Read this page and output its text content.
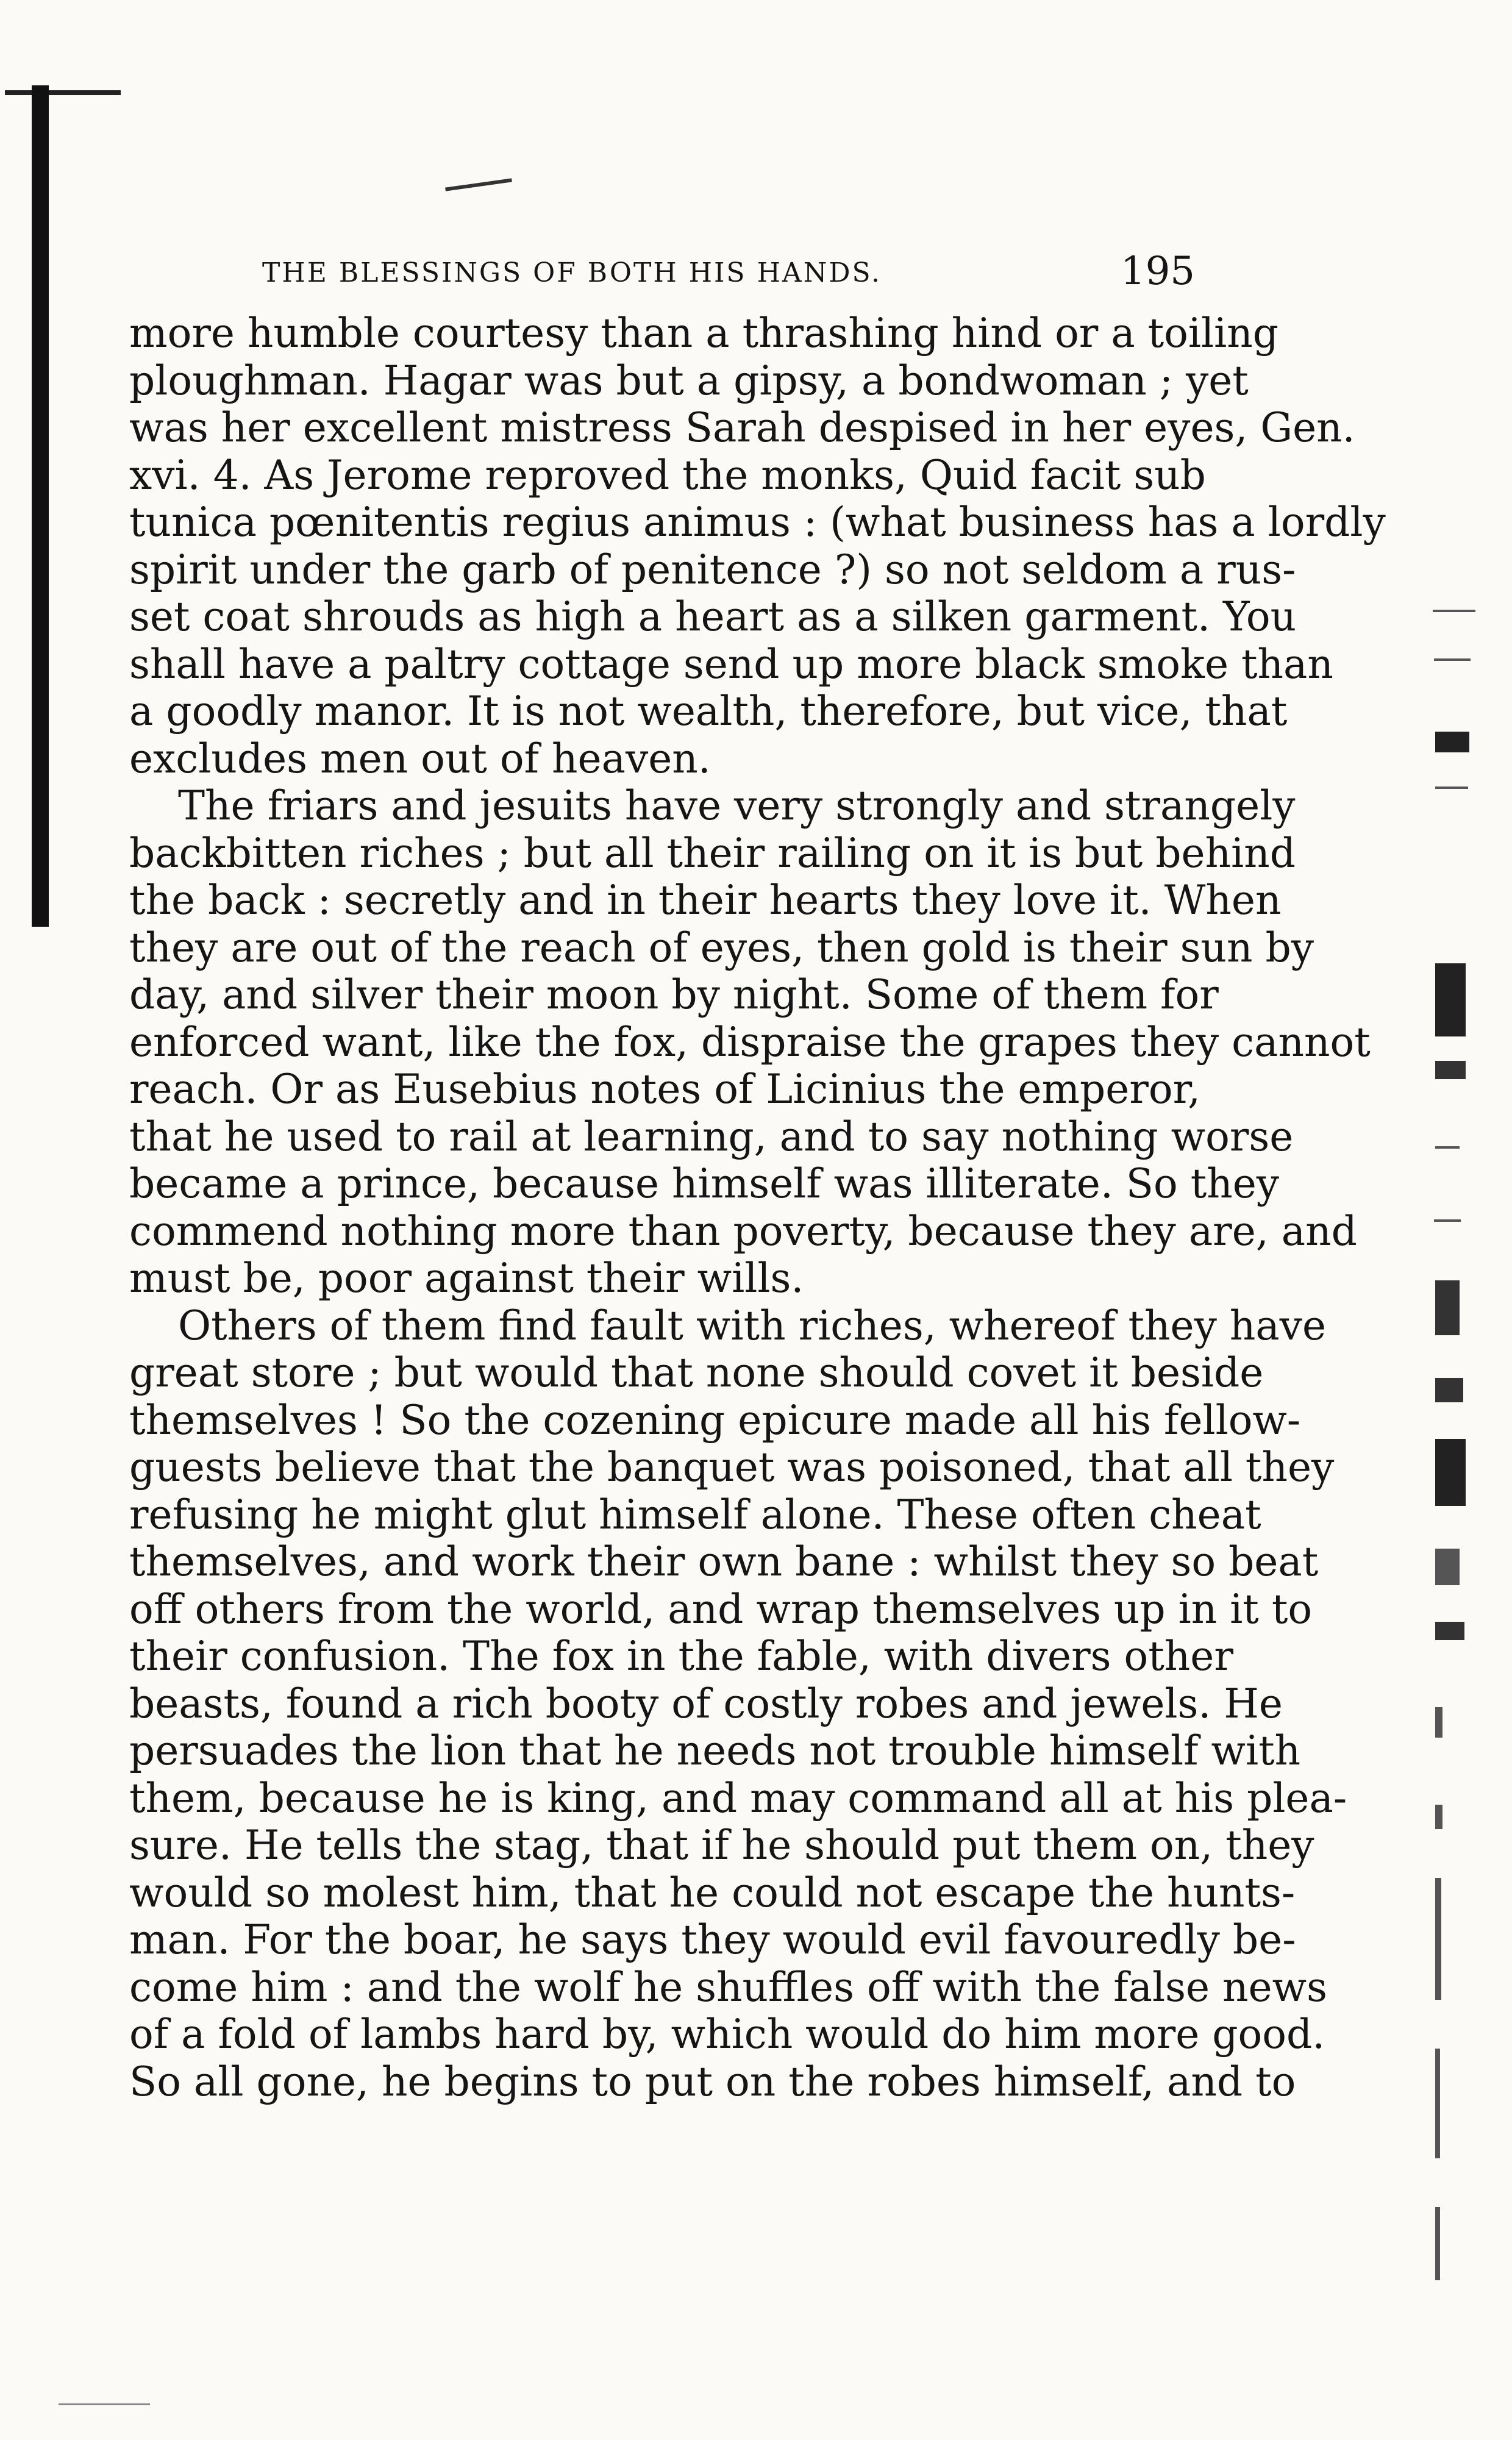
THE BLESSINGS OF BOTH HIS HANDS.	195
more humble courtesy than a thrashing hind or a toiling
ploughman. Hagar was but a gipsy, a bondwoman ; yet
was her excellent mistress Sarah despised in her eyes, Gen.
xvi. 4. As Jerome reproved the monks, Quid facit sub
tunica pœnitentis regius animus : (what business has a lordly
spirit under the garb of penitence ?) so not seldom a rus-
set coat shrouds as high a heart as a silken garment. You
shall have a paltry cottage send up more black smoke than
a goodly manor. It is not wealth, therefore, but vice, that
excludes men out of heaven.
The friars and jesuits have very strongly and strangely
backbitten riches ; but all their railing on it is but behind
the back : secretly and in their hearts they love it. When
they are out of the reach of eyes, then gold is their sun by
day, and silver their moon by night. Some of them for
enforced want, like the fox, dispraise the grapes they cannot
reach. Or as Eusebius notes of Licinius the emperor,
that he used to rail at learning, and to say nothing worse
became a prince, because himself was illiterate. So they
commend nothing more than poverty, because they are, and
must be, poor against their wills.
Others of them find fault with riches, whereof they have
great store ; but would that none should covet it beside
themselves ! So the cozening epicure made all his fellow-
guests believe that the banquet was poisoned, that all they
refusing he might glut himself alone. These often cheat
themselves, and work their own bane : whilst they so beat
off others from the world, and wrap themselves up in it to
their confusion. The fox in the fable, with divers other
beasts, found a rich booty of costly robes and jewels. He
persuades the lion that he needs not trouble himself with
them, because he is king, and may command all at his plea-
sure. He tells the stag, that if he should put them on, they
would so molest him, that he could not escape the hunts-
man. For the boar, he says they would evil favouredly be-
come him : and the wolf he shuffles off with the false news
of a fold of lambs hard by, which would do him more good.
So all gone, he begins to put on the robes himself, and to
